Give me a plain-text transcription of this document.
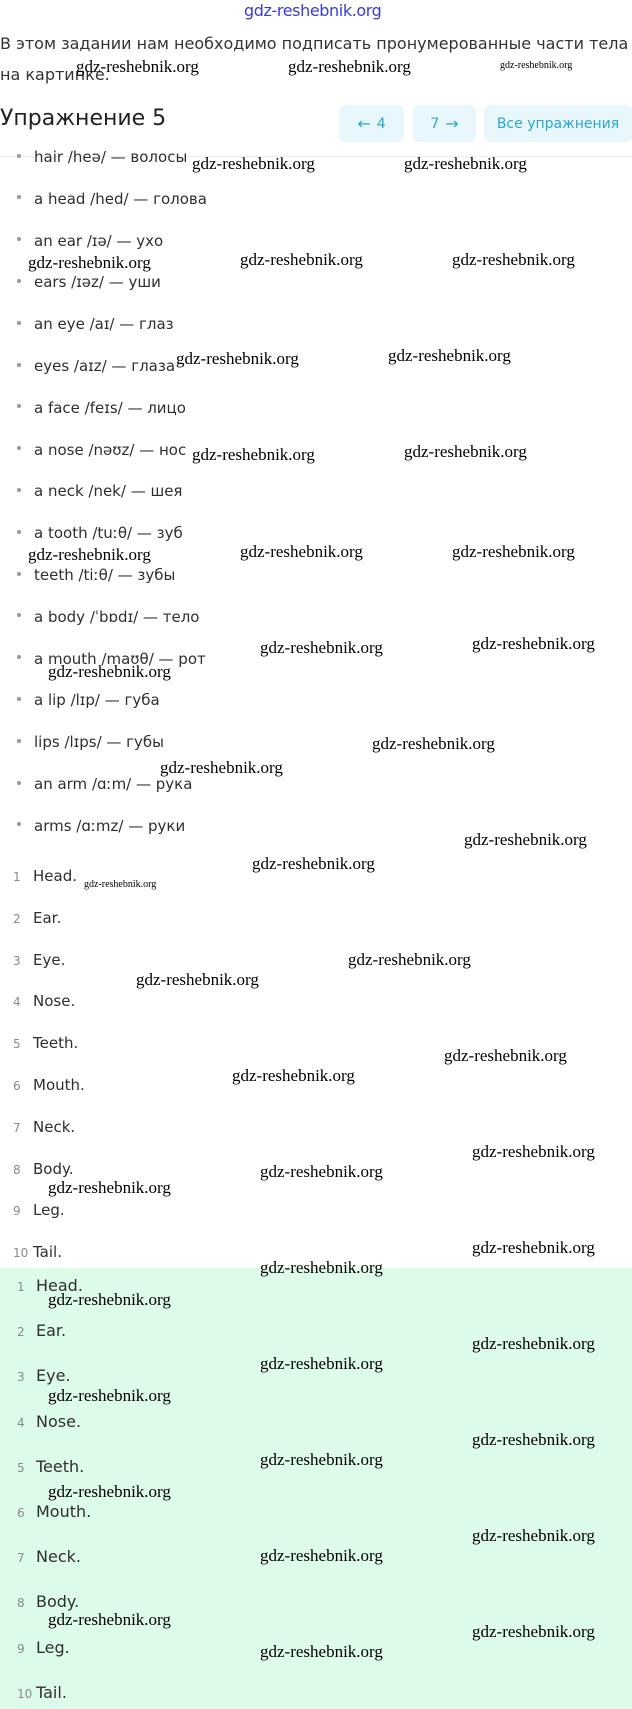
gdz-reshebnik.org
В этом задании нам необходимо подписать пронумерованные части тела на картинке.
Упражнение 5	← 4	7 →	Все упражнения
hair /heə/ — волосы
a head /hed/ — голова
an ear /ɪə/ — ухо
ears /ɪəz/ — уши
an eye /aɪ/ — глаз
eyes /aɪz/ — глаза
a face /feɪs/ — лицо
a nose /nəʊz/ — нос
a neck /nek/ — шея
a tooth /tuːθ/ — зуб
teeth /tiːθ/ — зубы
a body /ˈbɒdɪ/ — тело
a mouth /maʊθ/ — рот
a lip /lɪp/ — губа
lips /lɪps/ — губы
an arm /ɑːm/ — рука
arms /ɑːmz/ — руки
1 Head.
2 Ear.
3 Eye.
4 Nose.
5 Teeth.
6 Mouth.
7 Neck.
8 Body.
9 Leg.
10 Tail.
1 Head.
2 Ear.
3 Eye.
4 Nose.
5 Teeth.
6 Mouth.
7 Neck.
8 Body.
9 Leg.
10 Tail.
gdz-reshebnik.org	gdz-reshebnik.org	gdz-reshebnik.org
gdz-reshebnik.org	gdz-reshebnik.org
gdz-reshebnik.org	gdz-reshebnik.org	gdz-reshebnik.org
gdz-reshebnik.org	gdz-reshebnik.org
gdz-reshebnik.org	gdz-reshebnik.org
gdz-reshebnik.org	gdz-reshebnik.org	gdz-reshebnik.org
gdz-reshebnik.org	gdz-reshebnik.org
gdz-reshebnik.org
gdz-reshebnik.org
gdz-reshebnik.org
gdz-reshebnik.org
gdz-reshebnik.org
gdz-reshebnik.org
gdz-reshebnik.org
gdz-reshebnik.org
gdz-reshebnik.org
gdz-reshebnik.org
gdz-reshebnik.org
gdz-reshebnik.org
gdz-reshebnik.org
gdz-reshebnik.org
gdz-reshebnik.org
gdz-reshebnik.org
gdz-reshebnik.org
gdz-reshebnik.org
gdz-reshebnik.org
gdz-reshebnik.org
gdz-reshebnik.org
gdz-reshebnik.org
gdz-reshebnik.org
gdz-reshebnik.org
gdz-reshebnik.org
gdz-reshebnik.org
gdz-reshebnik.org
